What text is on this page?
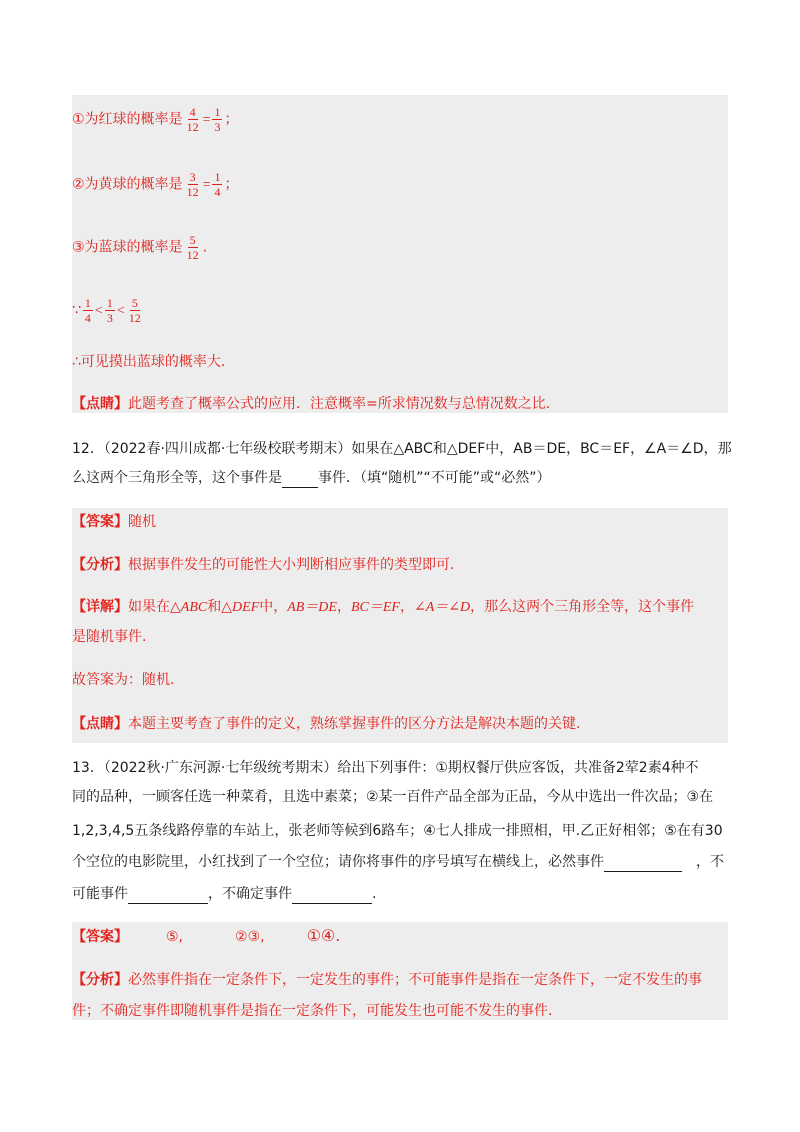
①为红球的概率是 $\frac{4}{12} = \frac{1}{3}$ ；
②为黄球的概率是 $\frac{3}{12} = \frac{1}{4}$ ；
③为蓝球的概率是 $\frac{5}{12}$ .
∵ $\frac{1}{4} < \frac{1}{3} < \frac{5}{12}$
∴可见摸出蓝球的概率大.
【点睛】此题考查了概率公式的应用．注意概率=所求情况数与总情况数之比.
12．（2022春·四川成都·七年级校联考期末）如果在△ABC和△DEF中，AB＝DE，BC＝EF，∠A＝∠D，那
么这两个三角形全等，这个事件是	事件．（填“随机”“不可能”或“必然”）
【答案】随机
【分析】根据事件发生的可能性大小判断相应事件的类型即可.
【详解】如果在△ABC和△DEF中，AB＝DE，BC＝EF，∠A＝∠D，那么这两个三角形全等，这个事件
是随机事件.
故答案为：随机.
【点睛】本题主要考查了事件的定义，熟练掌握事件的区分方法是解决本题的关键.
13．（2022秋·广东河源·七年级统考期末）给出下列事件：①期权餐厅供应客饭，共准备2荤2素4种不
同的品种，一顾客任选一种菜肴，且选中素菜；②某一百件产品全部为正品，今从中选出一件次品；③在
1,2,3,4,5五条线路停靠的车站上，张老师等候到6路车；④七人排成一排照相，甲.乙正好相邻；⑤在有30
个空位的电影院里，小红找到了一个空位；请你将事件的序号填写在横线上，必然事件	，不
可能事件	，不确定事件	.
【答案】	⑤,	②③,	①④.
【分析】必然事件指在一定条件下，一定发生的事件；不可能事件是指在一定条件下，一定不发生的事
件；不确定事件即随机事件是指在一定条件下，可能发生也可能不发生的事件.
